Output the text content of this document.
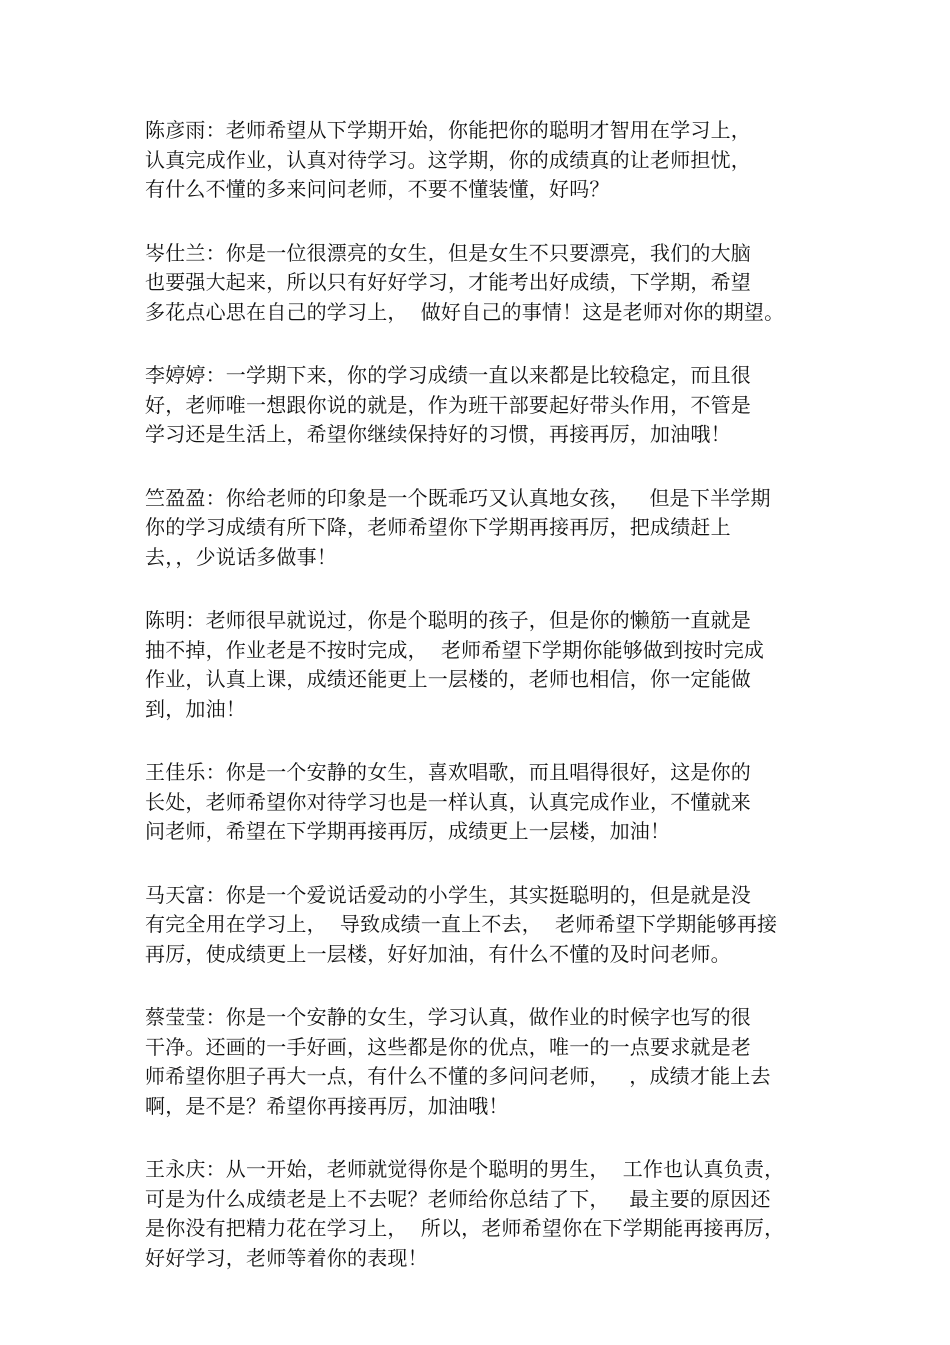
陈彦雨：老师希望从下学期开始，你能把你的聪明才智用在学习上，
认真完成作业，认真对待学习。这学期，你的成绩真的让老师担忧，
有什么不懂的多来问问老师，不要不懂装懂，好吗？
岑仕兰：你是一位很漂亮的女生，但是女生不只要漂亮，我们的大脑
也要强大起来，所以只有好好学习，才能考出好成绩，下学期，希望
多花点心思在自己的学习上，  做好自己的事情！这是老师对你的期望。
李婷婷：一学期下来，你的学习成绩一直以来都是比较稳定，而且很
好，老师唯一想跟你说的就是，作为班干部要起好带头作用，不管是
学习还是生活上，希望你继续保持好的习惯，再接再厉，加油哦！
竺盈盈：你给老师的印象是一个既乖巧又认真地女孩，   但是下半学期
你的学习成绩有所下降，老师希望你下学期再接再厉，把成绩赶上
去，，少说话多做事！
陈明：老师很早就说过，你是个聪明的孩子，但是你的懒筋一直就是
抽不掉，作业老是不按时完成，  老师希望下学期你能够做到按时完成
作业，认真上课，成绩还能更上一层楼的，老师也相信，你一定能做
到，加油！
王佳乐：你是一个安静的女生，喜欢唱歌，而且唱得很好，这是你的
长处，老师希望你对待学习也是一样认真，认真完成作业，不懂就来
问老师，希望在下学期再接再厉，成绩更上一层楼，加油！
马天富：你是一个爱说话爱动的小学生，其实挺聪明的，但是就是没
有完全用在学习上，  导致成绩一直上不去，  老师希望下学期能够再接
再厉，使成绩更上一层楼，好好加油，有什么不懂的及时问老师。
蔡莹莹：你是一个安静的女生，学习认真，做作业的时候字也写的很
干净。还画的一手好画，这些都是你的优点，唯一的一点要求就是老
师希望你胆子再大一点，有什么不懂的多问问老师，   ，成绩才能上去
啊，是不是？希望你再接再厉，加油哦！
王永庆：从一开始，老师就觉得你是个聪明的男生，  工作也认真负责，
可是为什么成绩老是上不去呢？老师给你总结了下，   最主要的原因还
是你没有把精力花在学习上，  所以，老师希望你在下学期能再接再厉，
好好学习，老师等着你的表现！
